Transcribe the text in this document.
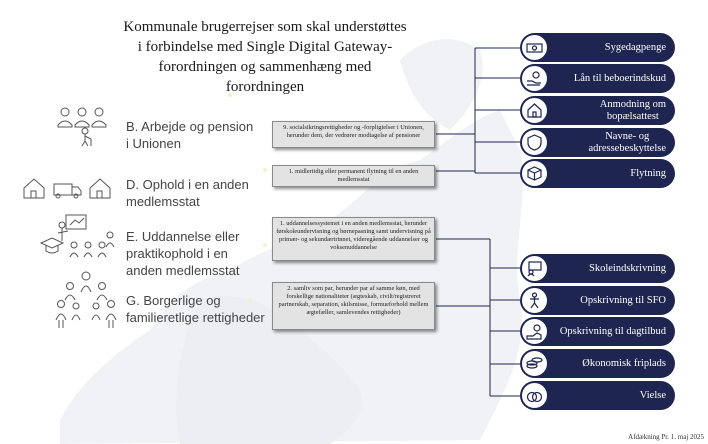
Kommunale brugerrejser som skal understøttes
i forbindelse med Single Digital Gateway-
forordningen og sammenhæng med
forordningen
B. Arbejde og pension
i Unionen
D. Ophold i en anden
medlemsstat
E. Uddannelse eller
praktikophold i en
anden medlemsstat
G. Borgerlige og
familieretlige rettigheder
9. socialsikringsrettigheder og -forpligtelser i Unionen, herunder dem, der vedrører modtagelse af pensioner
1. midlertidig eller permanent flytning til en anden medlemsstat
1. uddannelsessystemet i en anden medlemsstat, herunder førskoleundervisning og børnepasning samt undervisning på primær- og sekundærtrinnet, videregående uddannelser og voksenuddannelse
2. samliv som par, herunder par af samme køn, med forskellige nationaliteter (ægteskab, civilt/registreret partnerskab, separation, skilsmisse, formueforhold mellem ægtefæller, samlevendes rettigheder)
Sygedagpenge
Lån til beboerindskud
Anmodning om
bopælsattest
Navne- og
adressebeskyttelse
Flytning
Skoleindskrivning
Opskrivning til SFO
Opskrivning til dagtilbud
Økonomisk friplads
Vielse
Afdækning Pr. 1. maj 2025
